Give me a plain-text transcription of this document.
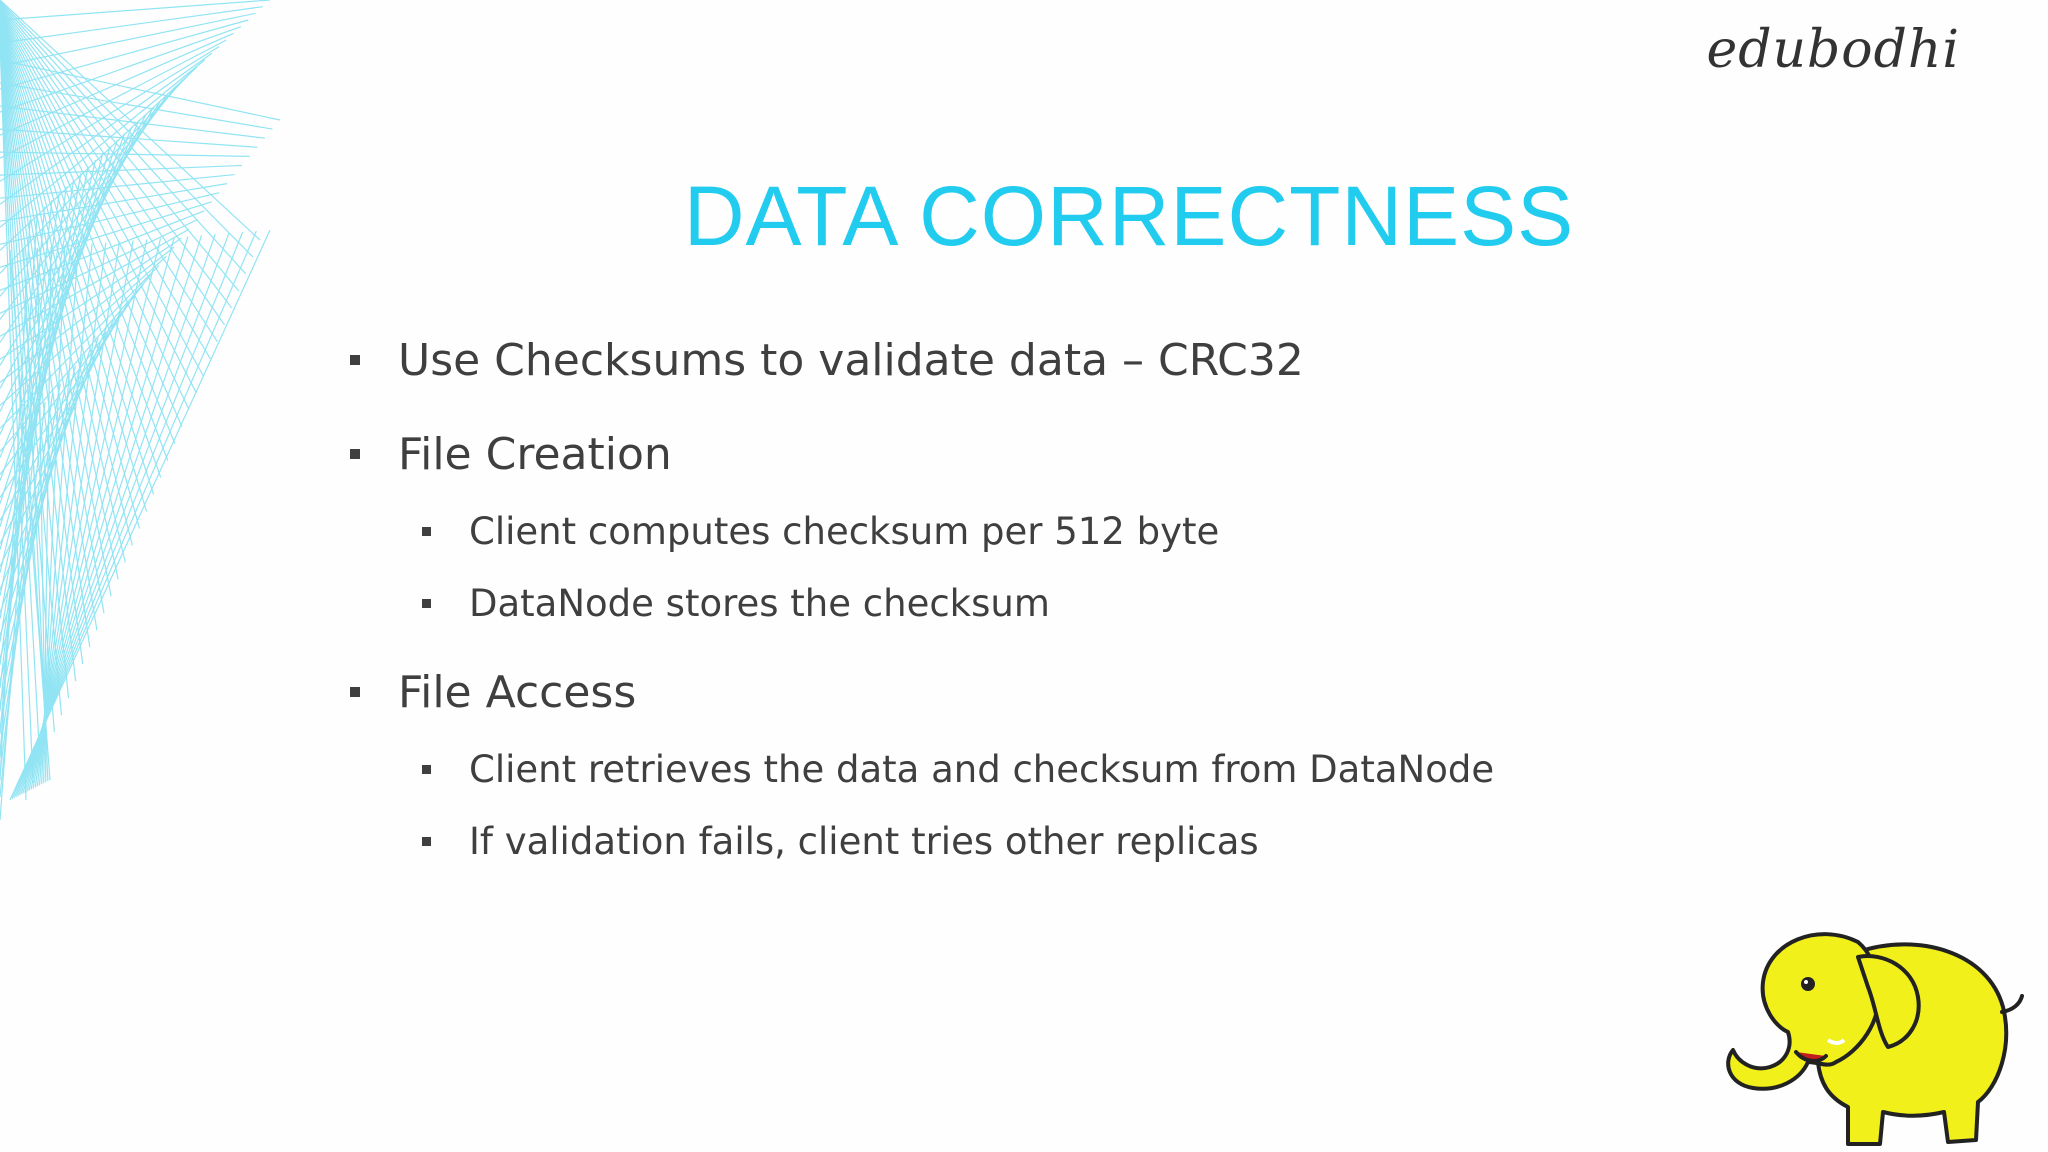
edubodhi
DATA CORRECTNESS
Use Checksums to validate data – CRC32
File Creation
Client computes checksum per 512 byte
DataNode stores the checksum
File Access
Client retrieves the data and checksum from DataNode
If validation fails, client tries other replicas
